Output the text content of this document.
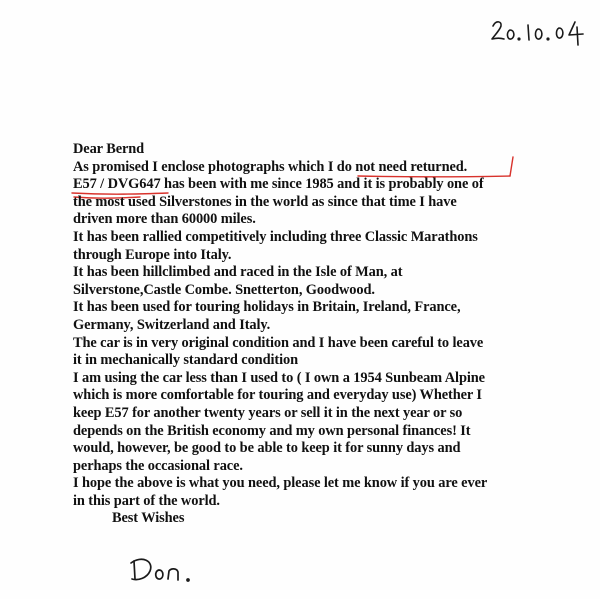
Dear Bernd
As promised I enclose photographs which I do not need returned.
E57 / DVG647 has been with me since 1985 and it is probably one of
the most used Silverstones in the world as since that time I have
driven more than 60000 miles.
It has been rallied competitively including three Classic Marathons
through Europe into Italy.
It has been hillclimbed and raced in the Isle of Man, at
Silverstone,Castle Combe. Snetterton, Goodwood.
It has been used for touring holidays in Britain, Ireland, France,
Germany, Switzerland and Italy.
The car is in very original condition and I have been careful to leave
it in mechanically standard condition
I am using the car less than I used to ( I own a 1954 Sunbeam Alpine
which is more comfortable for touring and everyday use) Whether I
keep E57 for another twenty years or sell it in the next year or so
depends on the British economy and my own personal finances! It
would, however, be good to be able to keep it for sunny days and
perhaps the occasional race.
I hope the above is what you need, please let me know if you are ever
in this part of the world.
Best Wishes
